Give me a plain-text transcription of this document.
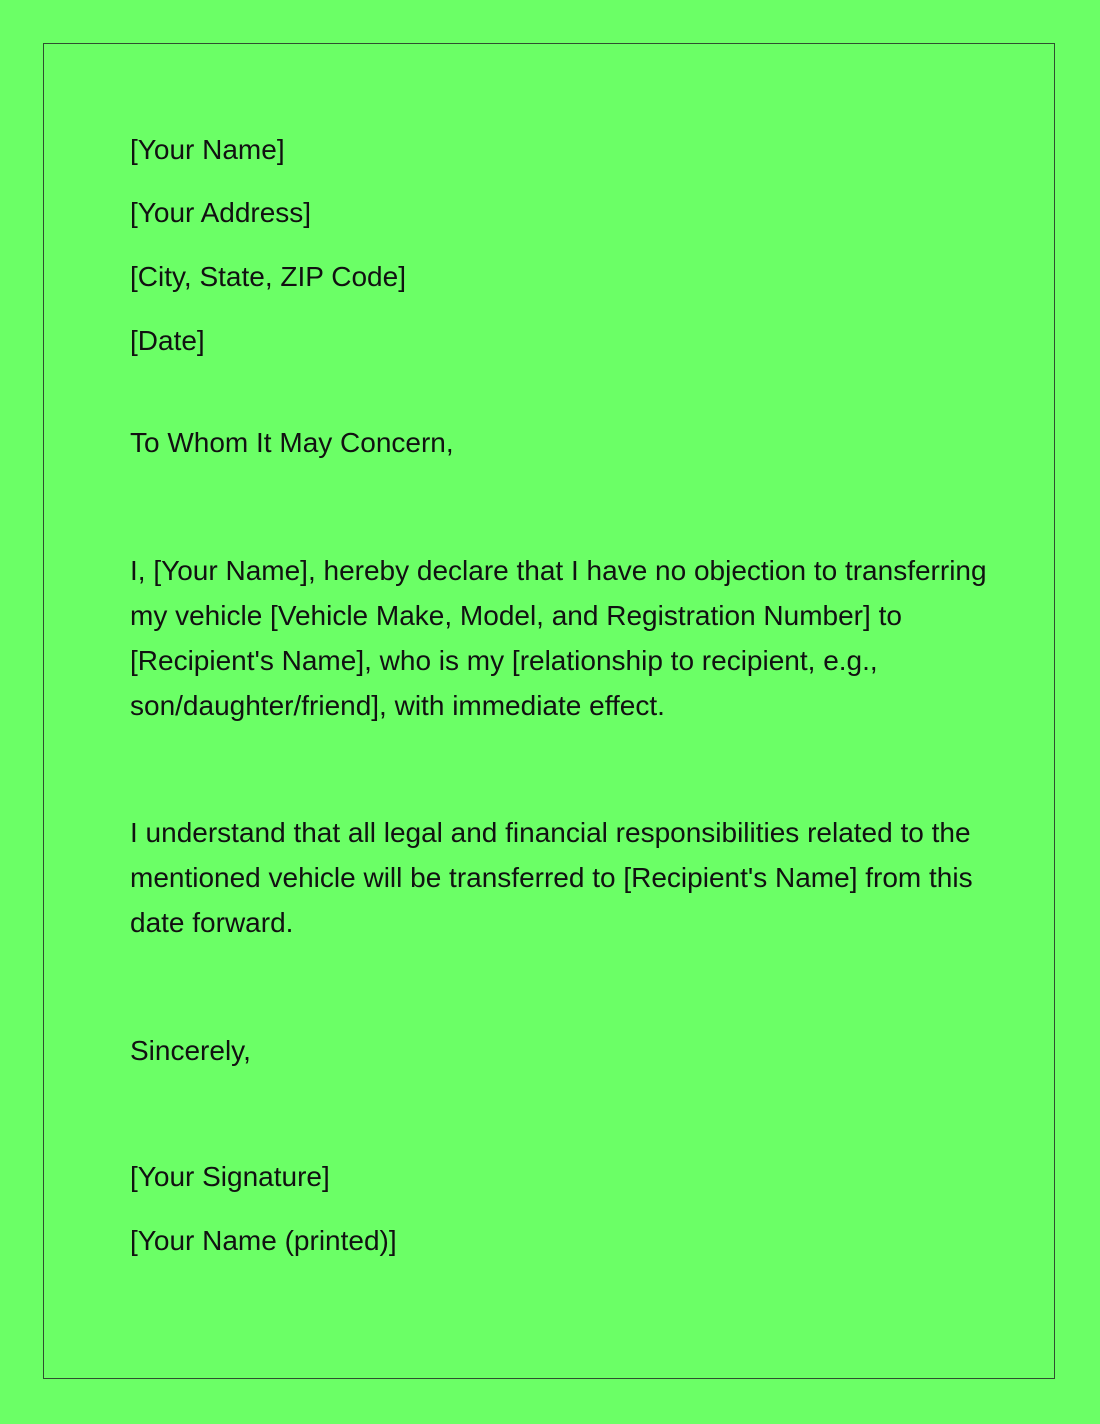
[Your Name]
[Your Address]
[City, State, ZIP Code]
[Date]
To Whom It May Concern,
I, [Your Name], hereby declare that I have no objection to transferring my vehicle [Vehicle Make, Model, and Registration Number] to [Recipient's Name], who is my [relationship to recipient, e.g., son/daughter/friend], with immediate effect.
I understand that all legal and financial responsibilities related to the mentioned vehicle will be transferred to [Recipient's Name] from this date forward.
Sincerely,
[Your Signature]
[Your Name (printed)]
